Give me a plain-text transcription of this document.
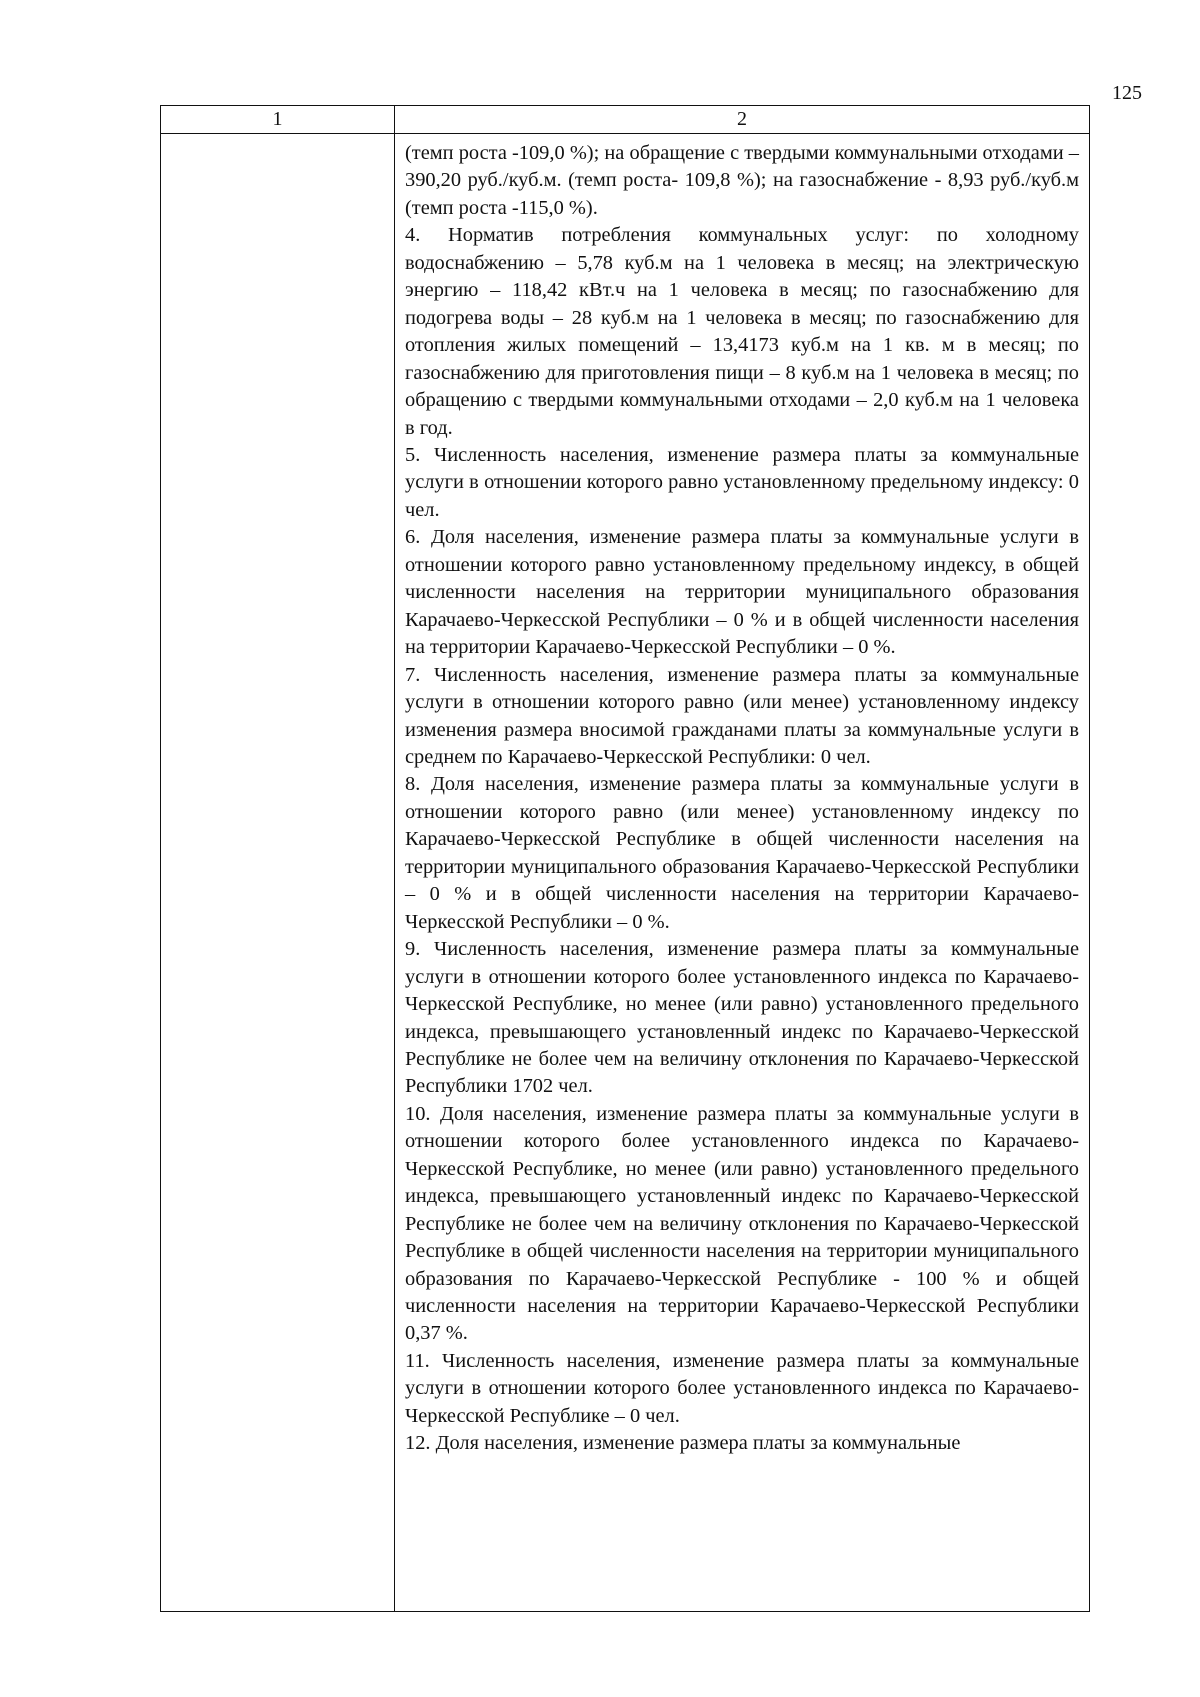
125
1	2

(темп роста -109,0 %); на обращение с твердыми коммунальными отходами – 390,20 руб./куб.м. (темп роста- 109,8 %); на газоснабжение - 8,93 руб./куб.м (темп роста -115,0 %).

4. Норматив потребления коммунальных услуг: по холодному водоснабжению – 5,78 куб.м на 1 человека в месяц; на электрическую энергию – 118,42 кВт.ч на 1 человека в месяц; по газоснабжению для подогрева воды – 28 куб.м на 1 человека в месяц; по газоснабжению для отопления жилых помещений – 13,4173 куб.м на 1 кв. м в месяц; по газоснабжению для приготовления пищи – 8 куб.м на 1 человека в месяц; по обращению с твердыми коммунальными отходами – 2,0 куб.м на 1 человека в год.

5. Численность населения, изменение размера платы за коммунальные услуги в отношении которого равно установленному предельному индексу: 0 чел.

6. Доля населения, изменение размера платы за коммунальные услуги в отношении которого равно установленному предельному индексу, в общей численности населения на территории муниципального образования Карачаево-Черкесской Республики – 0 % и в общей численности населения на территории Карачаево-Черкесской Республики – 0 %.

7. Численность населения, изменение размера платы за коммунальные услуги в отношении которого равно (или менее) установленному индексу изменения размера вносимой гражданами платы за коммунальные услуги в среднем по Карачаево-Черкесской Республики: 0 чел.

8. Доля населения, изменение размера платы за коммунальные услуги в отношении которого равно (или менее) установленному индексу по Карачаево-Черкесской Республике в общей численности населения на территории муниципального образования Карачаево-Черкесской Республики – 0 % и в общей численности населения на территории Карачаево-Черкесской Республики – 0 %.

9. Численность населения, изменение размера платы за коммунальные услуги в отношении которого более установленного индекса по Карачаево-Черкесской Республике, но менее (или равно) установленного предельного индекса, превышающего установленный индекс по Карачаево-Черкесской Республике не более чем на величину отклонения по Карачаево-Черкесской Республики 1702 чел.

10. Доля населения, изменение размера платы за коммунальные услуги в отношении которого более установленного индекса по Карачаево-Черкесской Республике, но менее (или равно) установленного предельного индекса, превышающего установленный индекс по Карачаево-Черкесской Республике не более чем на величину отклонения по Карачаево-Черкесской Республике в общей численности населения на территории муниципального образования по Карачаево-Черкесской Республике - 100 % и общей численности населения на территории Карачаево-Черкесской Республики 0,37 %.

11. Численность населения, изменение размера платы за коммунальные услуги в отношении которого более установленного индекса по Карачаево-Черкесской Республике – 0 чел.

12. Доля населения, изменение размера платы за коммунальные
